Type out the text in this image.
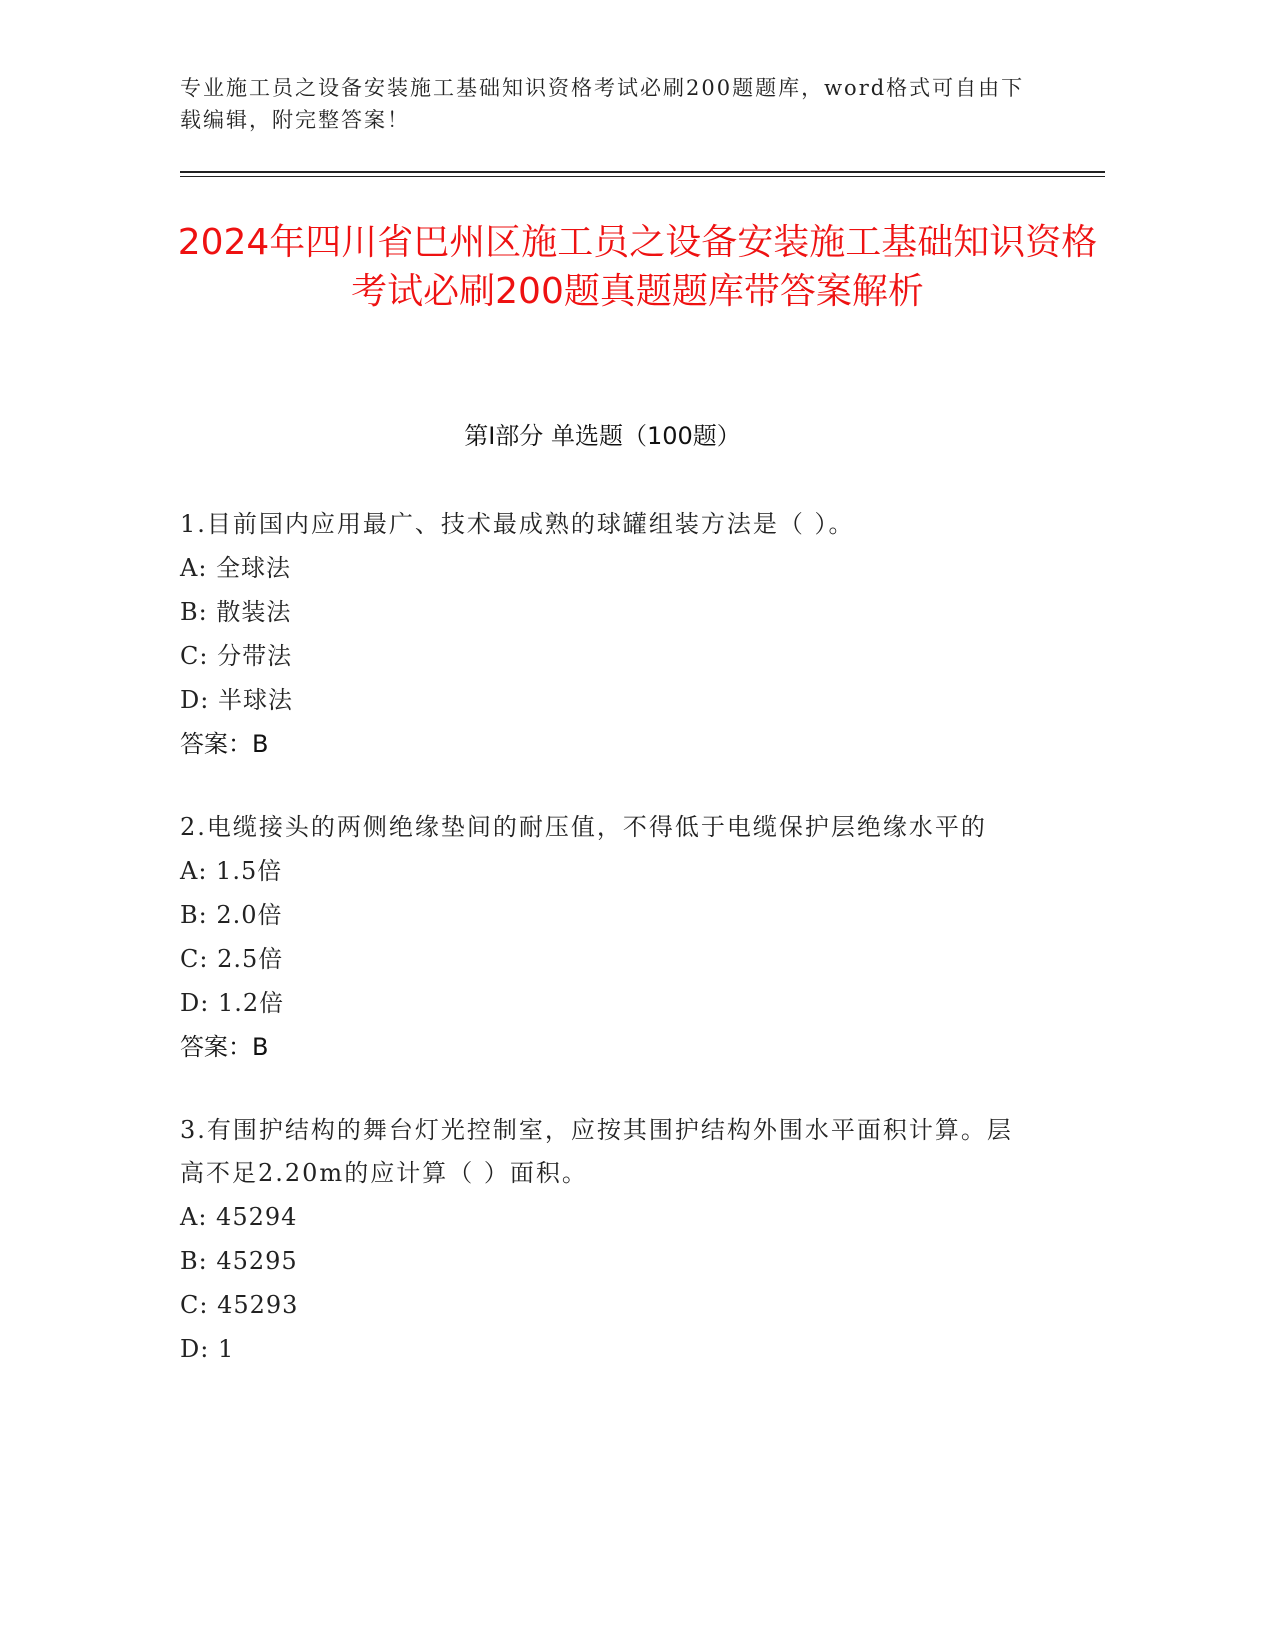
专业施工员之设备安装施工基础知识资格考试必刷200题题库，word格式可自由下载编辑，附完整答案！
2024年四川省巴州区施工员之设备安装施工基础知识资格考试必刷200题真题题库带答案解析
第I部分 单选题（100题）
1.目前国内应用最广、技术最成熟的球罐组装方法是（ ）。
A: 全球法
B: 散装法
C: 分带法
D: 半球法
答案：B
2.电缆接头的两侧绝缘垫间的耐压值，不得低于电缆保护层绝缘水平的
A: 1.5倍
B: 2.0倍
C: 2.5倍
D: 1.2倍
答案：B
3.有围护结构的舞台灯光控制室，应按其围护结构外围水平面积计算。层高不足2.20m的应计算（ ）面积。
A: 45294
B: 45295
C: 45293
D: 1
